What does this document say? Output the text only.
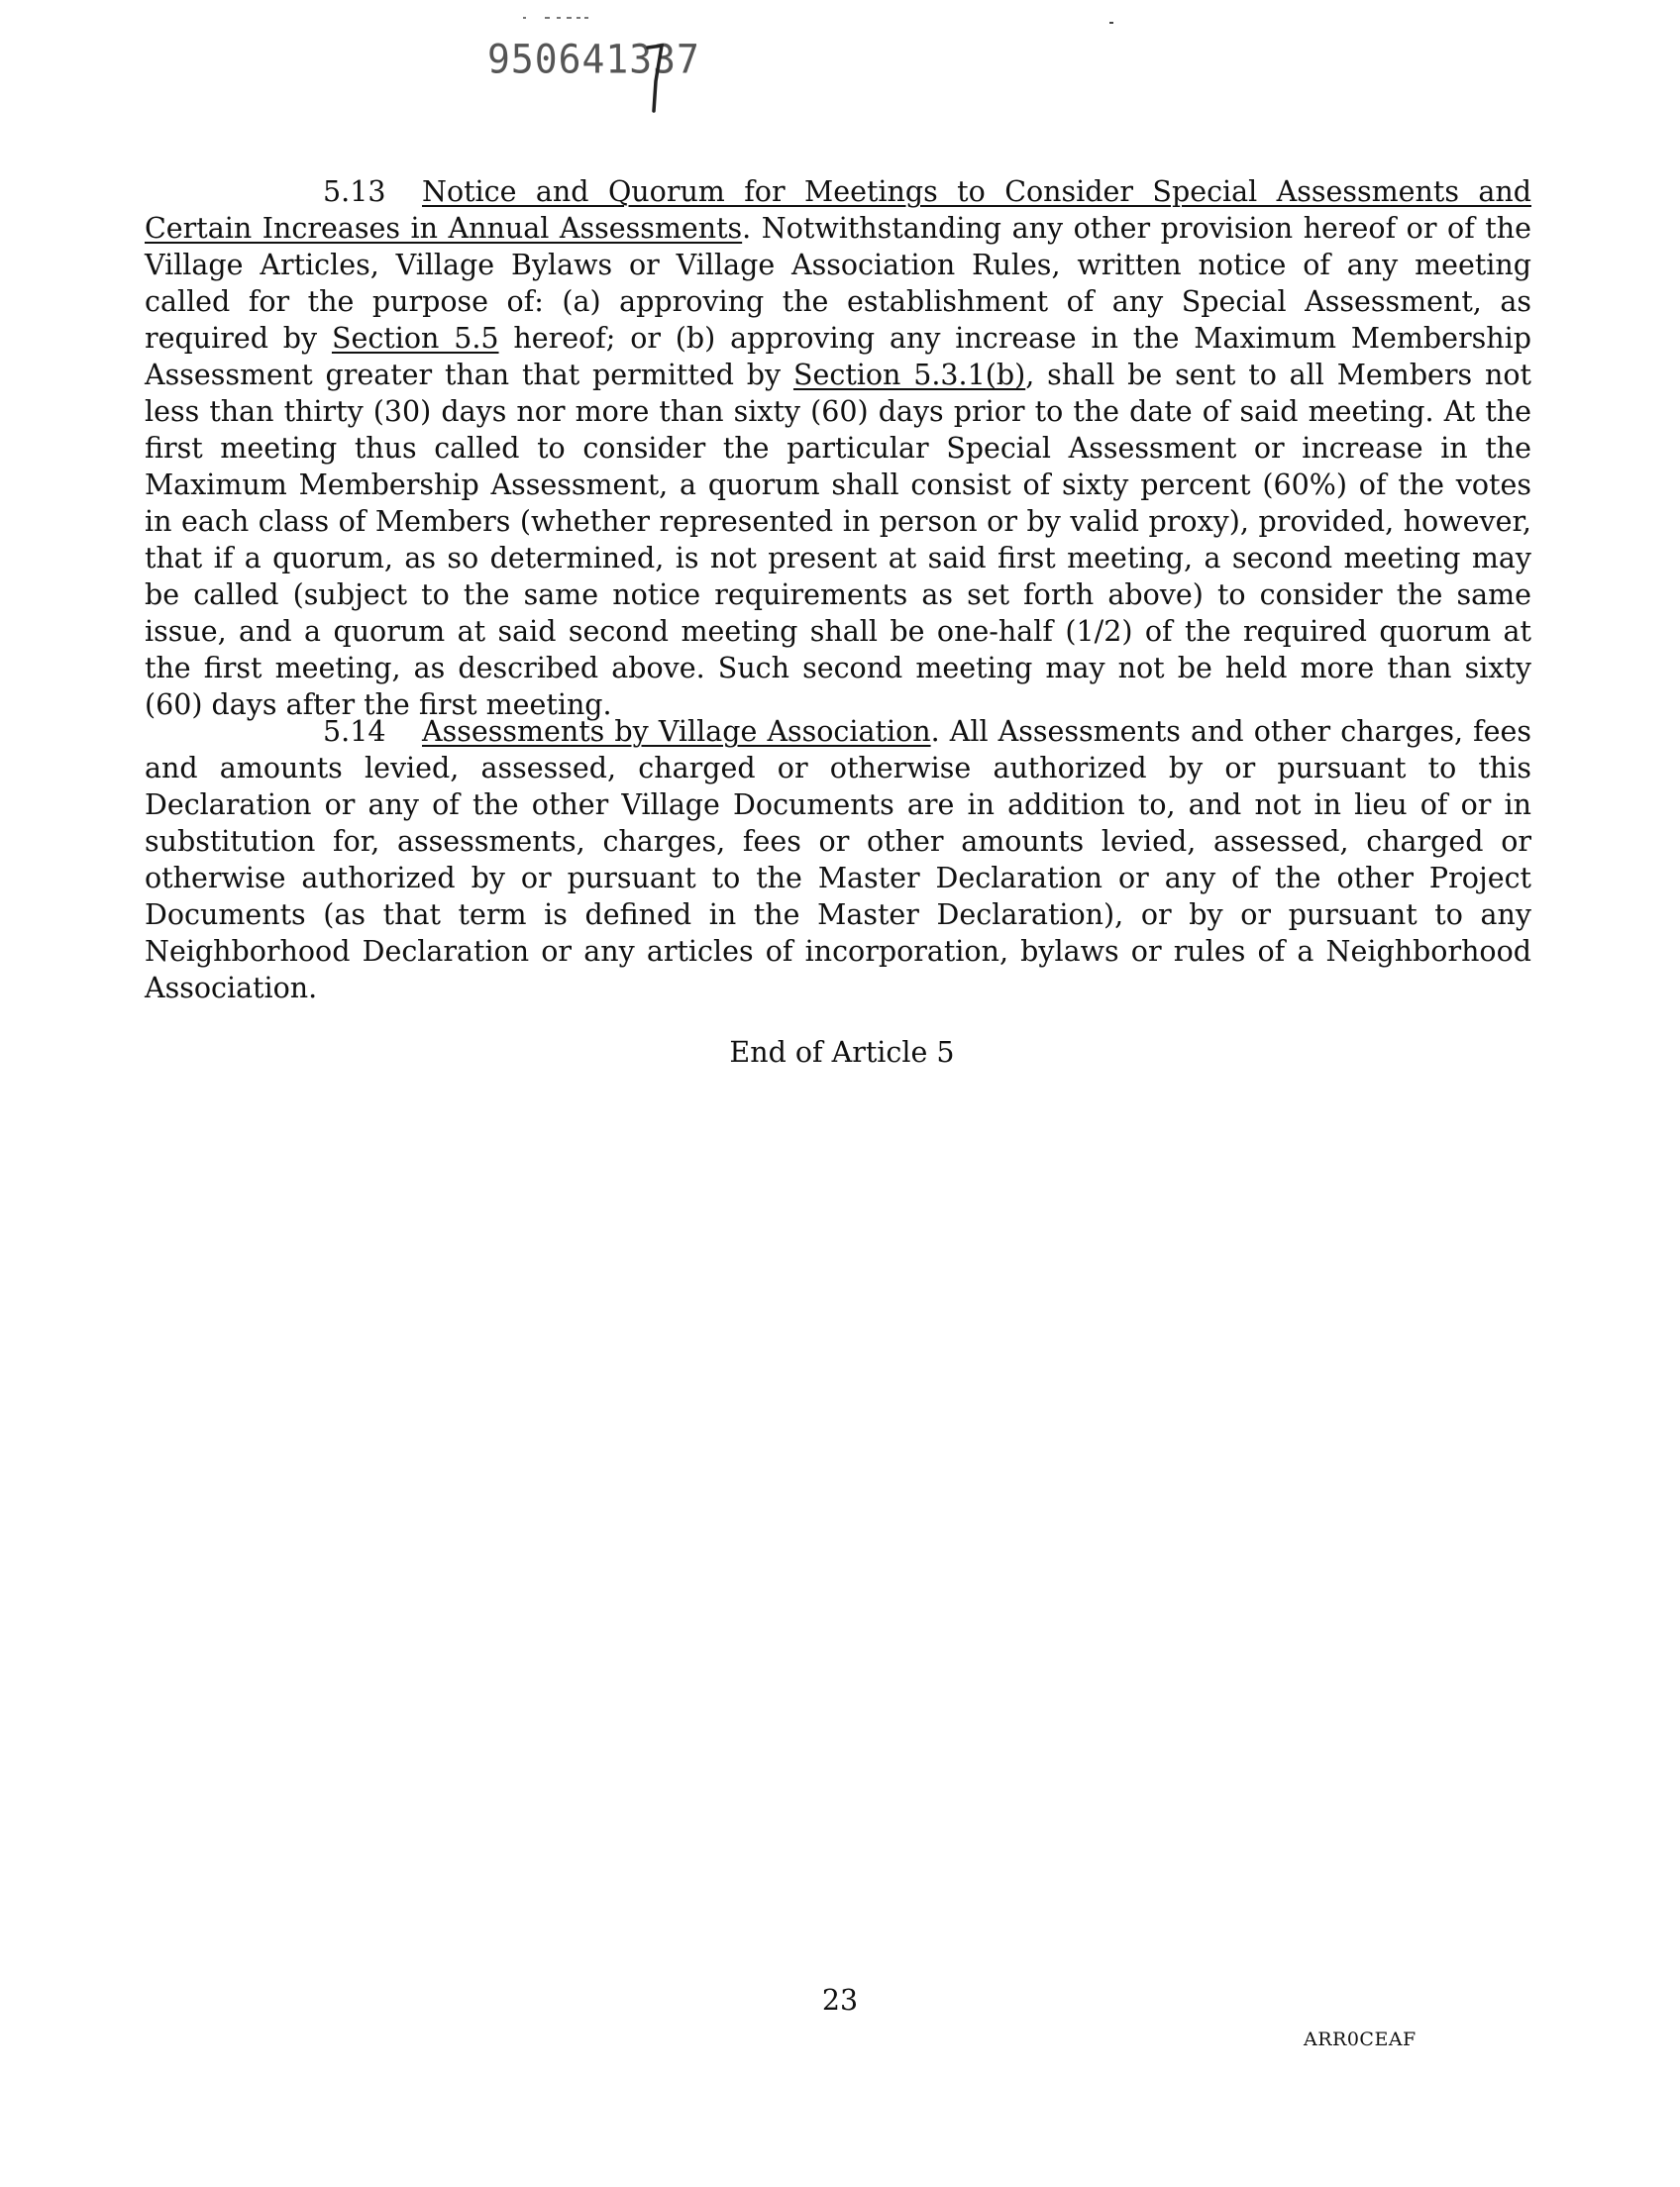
950641337
5.13 Notice and Quorum for Meetings to Consider Special Assessments and Certain Increases in Annual Assessments. Notwithstanding any other provision hereof or of the Village Articles, Village Bylaws or Village Association Rules, written notice of any meeting called for the purpose of: (a) approving the establishment of any Special Assessment, as required by Section 5.5 hereof; or (b) approving any increase in the Maximum Membership Assessment greater than that permitted by Section 5.3.1(b), shall be sent to all Members not less than thirty (30) days nor more than sixty (60) days prior to the date of said meeting. At the first meeting thus called to consider the particular Special Assessment or increase in the Maximum Membership Assessment, a quorum shall consist of sixty percent (60%) of the votes in each class of Members (whether represented in person or by valid proxy), provided, however, that if a quorum, as so determined, is not present at said first meeting, a second meeting may be called (subject to the same notice requirements as set forth above) to consider the same issue, and a quorum at said second meeting shall be one-half (1/2) of the required quorum at the first meeting, as described above. Such second meeting may not be held more than sixty (60) days after the first meeting.
5.14 Assessments by Village Association. All Assessments and other charges, fees and amounts levied, assessed, charged or otherwise authorized by or pursuant to this Declaration or any of the other Village Documents are in addition to, and not in lieu of or in substitution for, assessments, charges, fees or other amounts levied, assessed, charged or otherwise authorized by or pursuant to the Master Declaration or any of the other Project Documents (as that term is defined in the Master Declaration), or by or pursuant to any Neighborhood Declaration or any articles of incorporation, bylaws or rules of a Neighborhood Association.
End of Article 5
23
ARR0CEAF
